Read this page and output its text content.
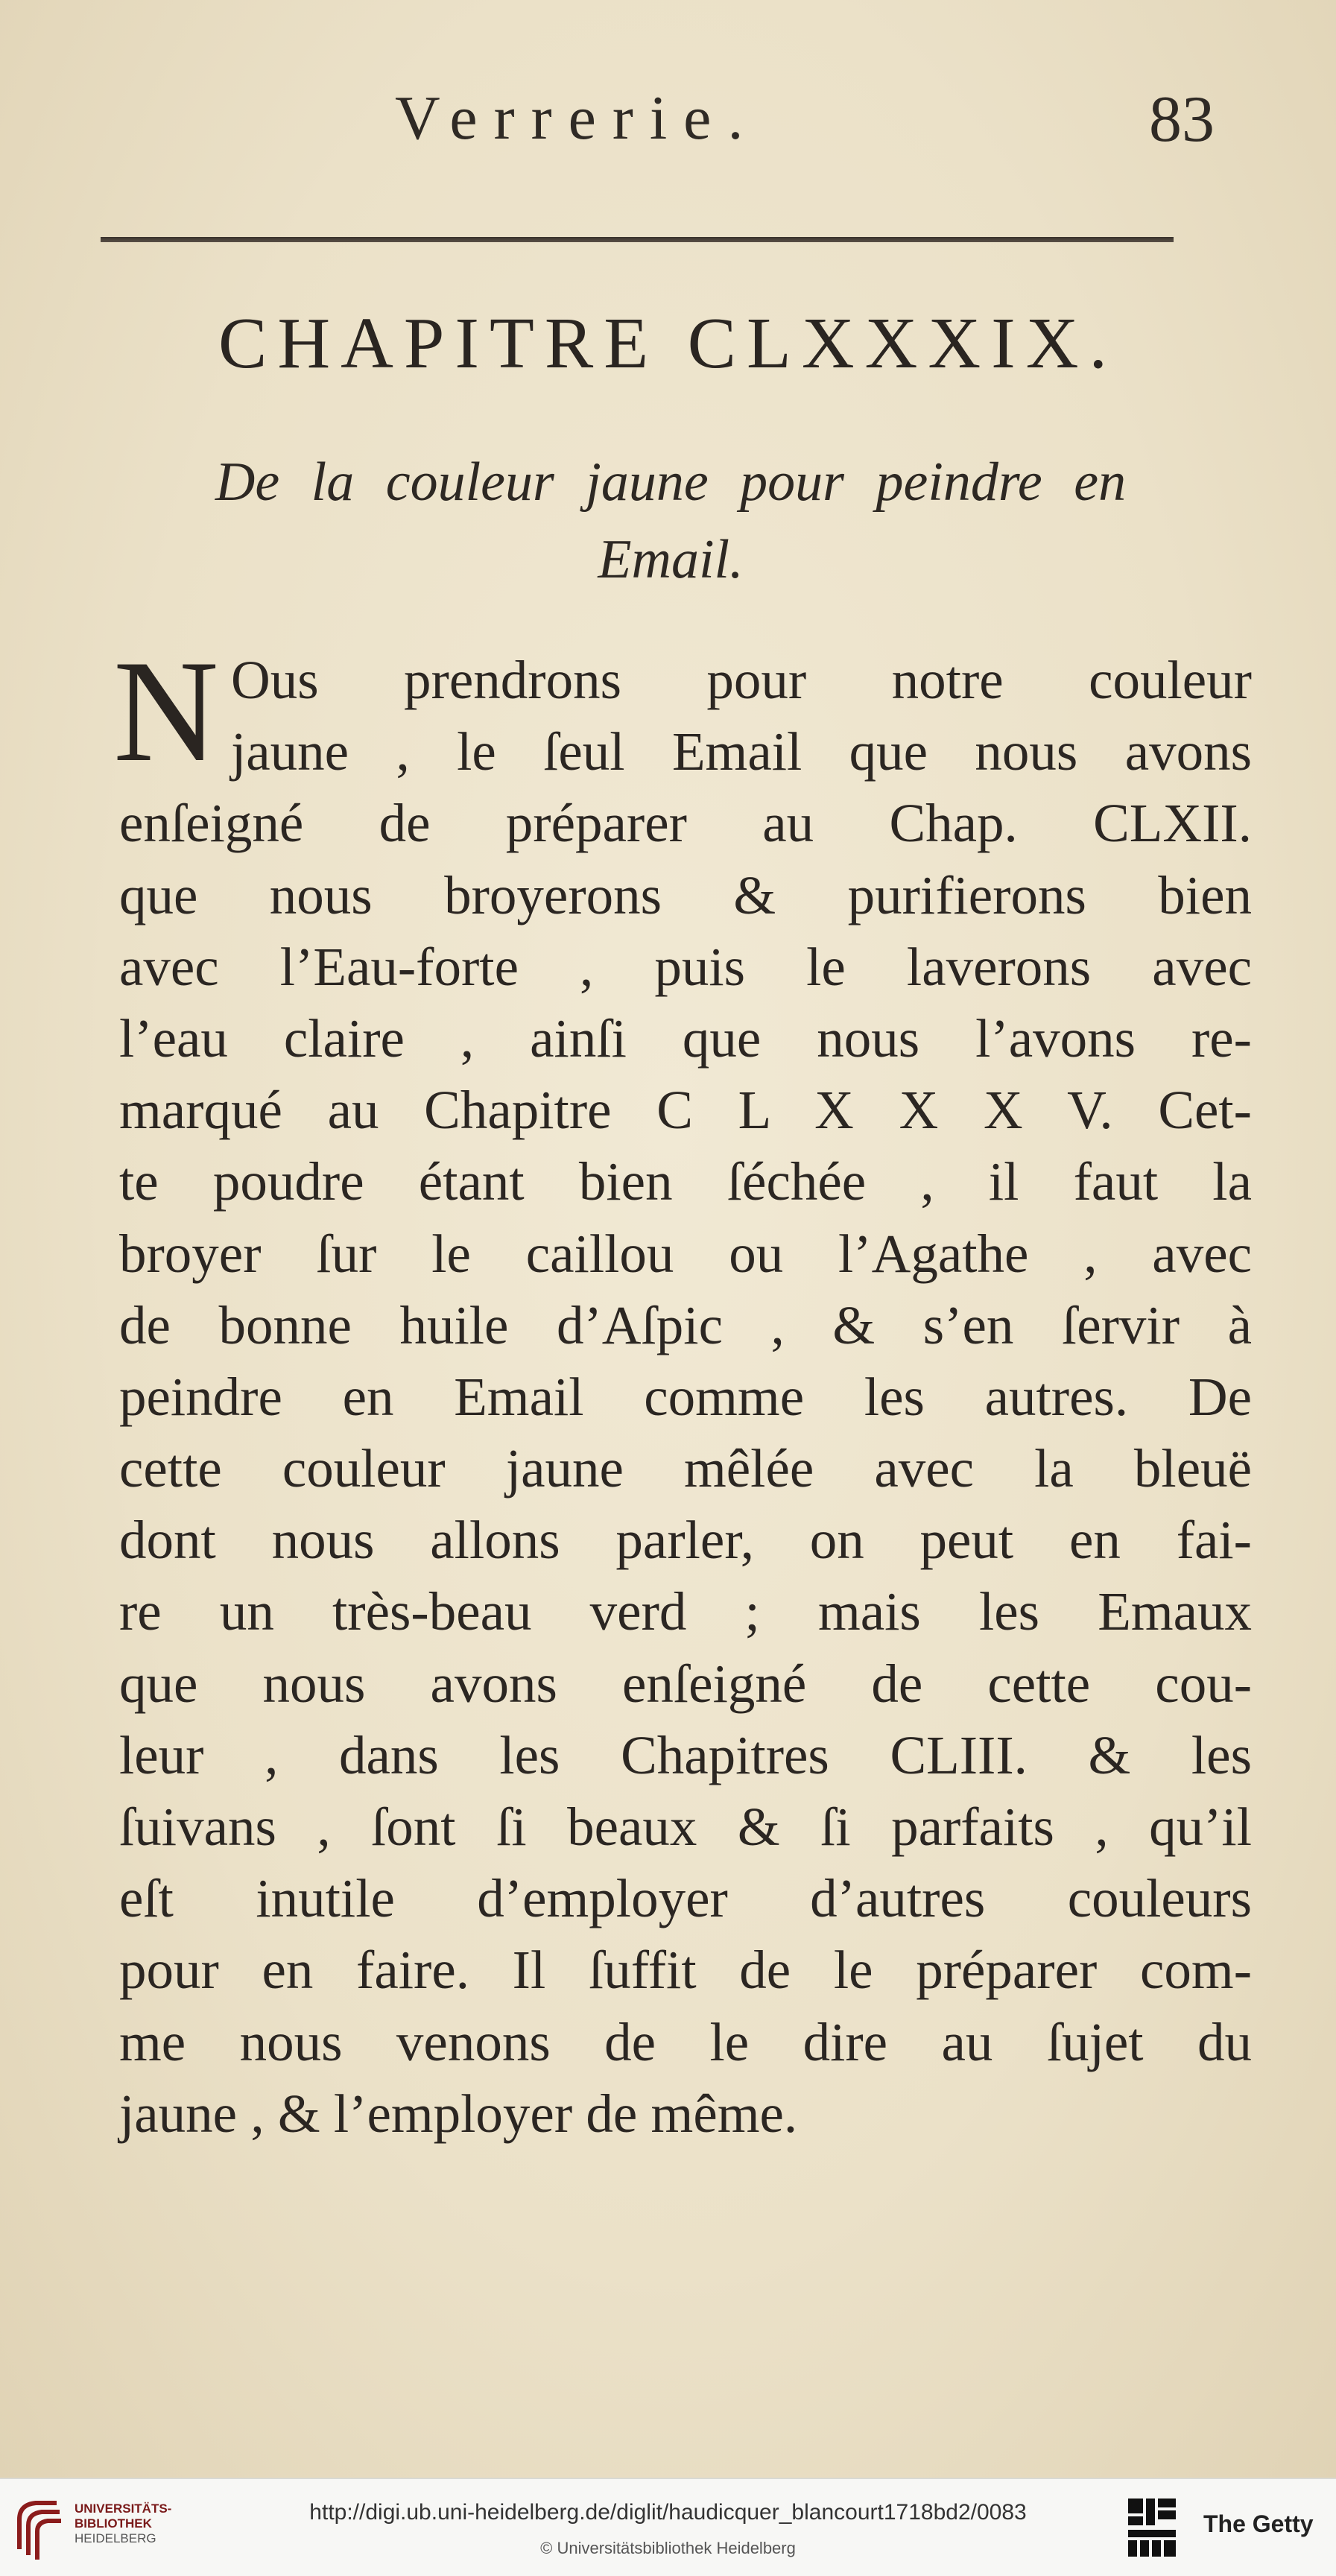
Verrerie.	83
CHAPITRE CLXXXIX.
De la couleur jaune pour peindre en
Email.
N Ous prendrons pour notre couleur
jaune , le ſeul Email que nous avons
enſeigné de préparer au Chap. CLXII.
que nous broyerons & purifierons bien
avec l’Eau-forte , puis le laverons avec
l’eau claire , ainſi que nous l’avons re-
marqué au Chapitre C L X X X V. Cet-
te poudre étant bien ſéchée , il faut la
broyer ſur le caillou ou l’Agathe , avec
de bonne huile d’Aſpic , & s’en ſervir à
peindre en Email comme les autres. De
cette couleur jaune mêlée avec la bleuë
dont nous allons parler, on peut en fai-
re un très-beau verd ; mais les Emaux
que nous avons enſeigné de cette cou-
leur , dans les Chapitres CLIII. & les
ſuivans , ſont ſi beaux & ſi parfaits , qu’il
eſt inutile d’employer d’autres couleurs
pour en faire. Il ſuffit de le préparer com-
me nous venons de le dire au ſujet du
jaune , & l’employer de même.
UNIVERSITÄTS-
BIBLIOTHEK
HEIDELBERG
http://digi.ub.uni-heidelberg.de/diglit/haudicquer_blancourt1718bd2/0083
© Universitätsbibliothek Heidelberg
The Getty
